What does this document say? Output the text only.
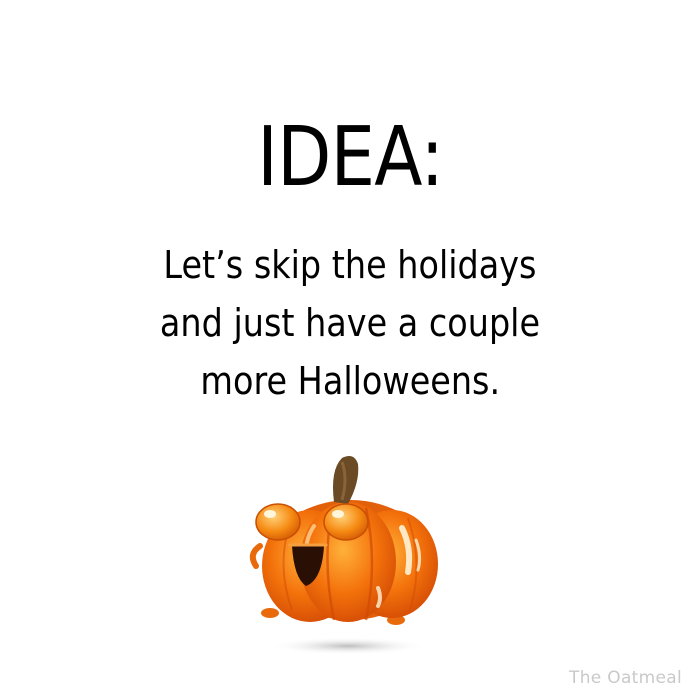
IDEA:
Let’s skip the holidays
and just have a couple
more Halloweens.
The Oatmeal
